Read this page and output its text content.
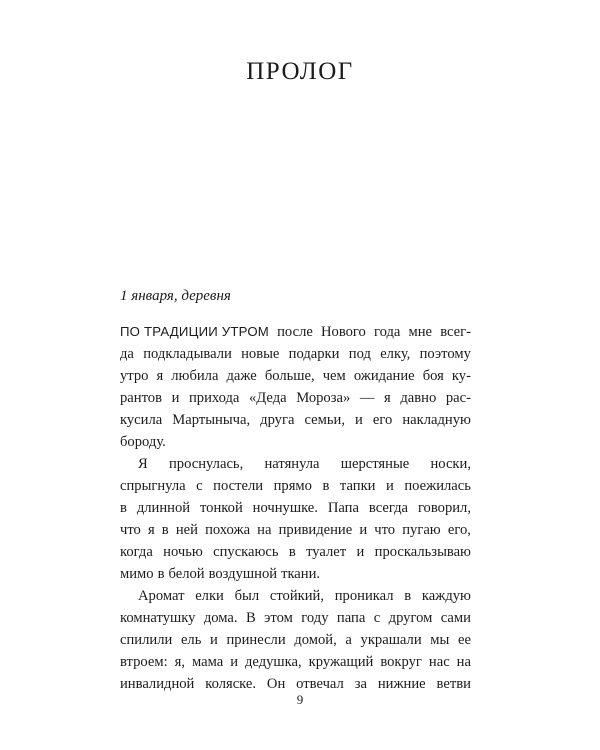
ПРОЛОГ

1 января, деревня

ПО ТРАДИЦИИ УТРОМ после Нового года мне всег-
да подкладывали новые подарки под елку, поэтому
утро я любила даже больше, чем ожидание боя ку-
рантов и прихода «Деда Мороза» — я давно рас-
кусила Мартыныча, друга семьи, и его накладную
бороду.
Я проснулась, натянула шерстяные носки,
спрыгнула с постели прямо в тапки и поежилась
в длинной тонкой ночнушке. Папа всегда говорил,
что я в ней похожа на привидение и что пугаю его,
когда ночью спускаюсь в туалет и проскальзываю
мимо в белой воздушной ткани.
Аромат елки был стойкий, проникал в каждую
комнатушку дома. В этом году папа с другом сами
спилили ель и принесли домой, а украшали мы ее
втроем: я, мама и дедушка, кружащий вокруг нас на
инвалидной коляске. Он отвечал за нижние ветви

9
